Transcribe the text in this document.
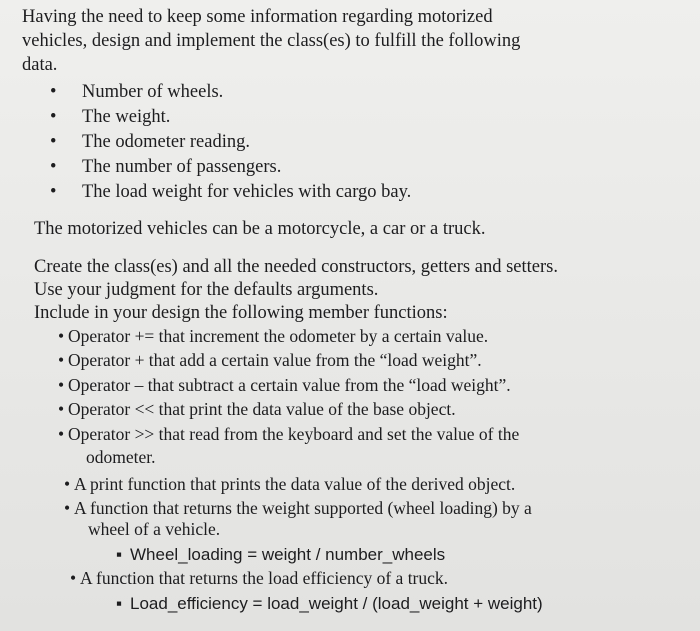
Having the need to keep some information regarding motorized
vehicles, design and implement the class(es) to fulfill the following
data.
• Number of wheels.
• The weight.
• The odometer reading.
• The number of passengers.
• The load weight for vehicles with cargo bay.
The motorized vehicles can be a motorcycle, a car or a truck.
Create the class(es) and all the needed constructors, getters and setters.
Use your judgment for the defaults arguments.
Include in your design the following member functions:
• Operator += that increment the odometer by a certain value.
• Operator + that add a certain value from the “load weight”.
• Operator – that subtract a certain value from the “load weight”.
• Operator << that print the data value of the base object.
• Operator >> that read from the keyboard and set the value of the
odometer.
• A print function that prints the data value of the derived object.
• A function that returns the weight supported (wheel loading) by a
wheel of a vehicle.
▪ Wheel_loading = weight / number_wheels
• A function that returns the load efficiency of a truck.
▪ Load_efficiency = load_weight / (load_weight + weight)
